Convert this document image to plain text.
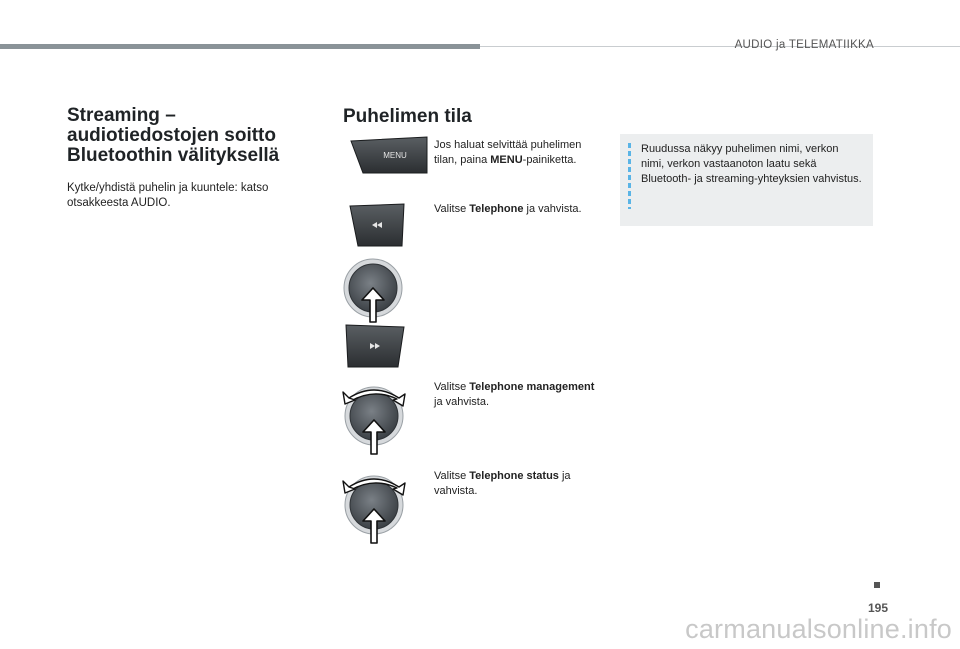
AUDIO ja TELEMATIIKKA
Streaming – audiotiedostojen soitto Bluetoothin välityksellä

Kytke/yhdistä puhelin ja kuuntele: katso otsakkeesta AUDIO.

Puhelimen tila
MENU

Jos haluat selvittää puhelimen tilan, paina MENU-painiketta.

Valitse Telephone ja vahvista.

Valitse Telephone management ja vahvista.

Valitse Telephone status ja vahvista.

Ruudussa näkyy puhelimen nimi, verkon nimi, verkon vastaanoton laatu sekä Bluetooth- ja streaming-yhteyksien vahvistus.

195
carmanualsonline.info
